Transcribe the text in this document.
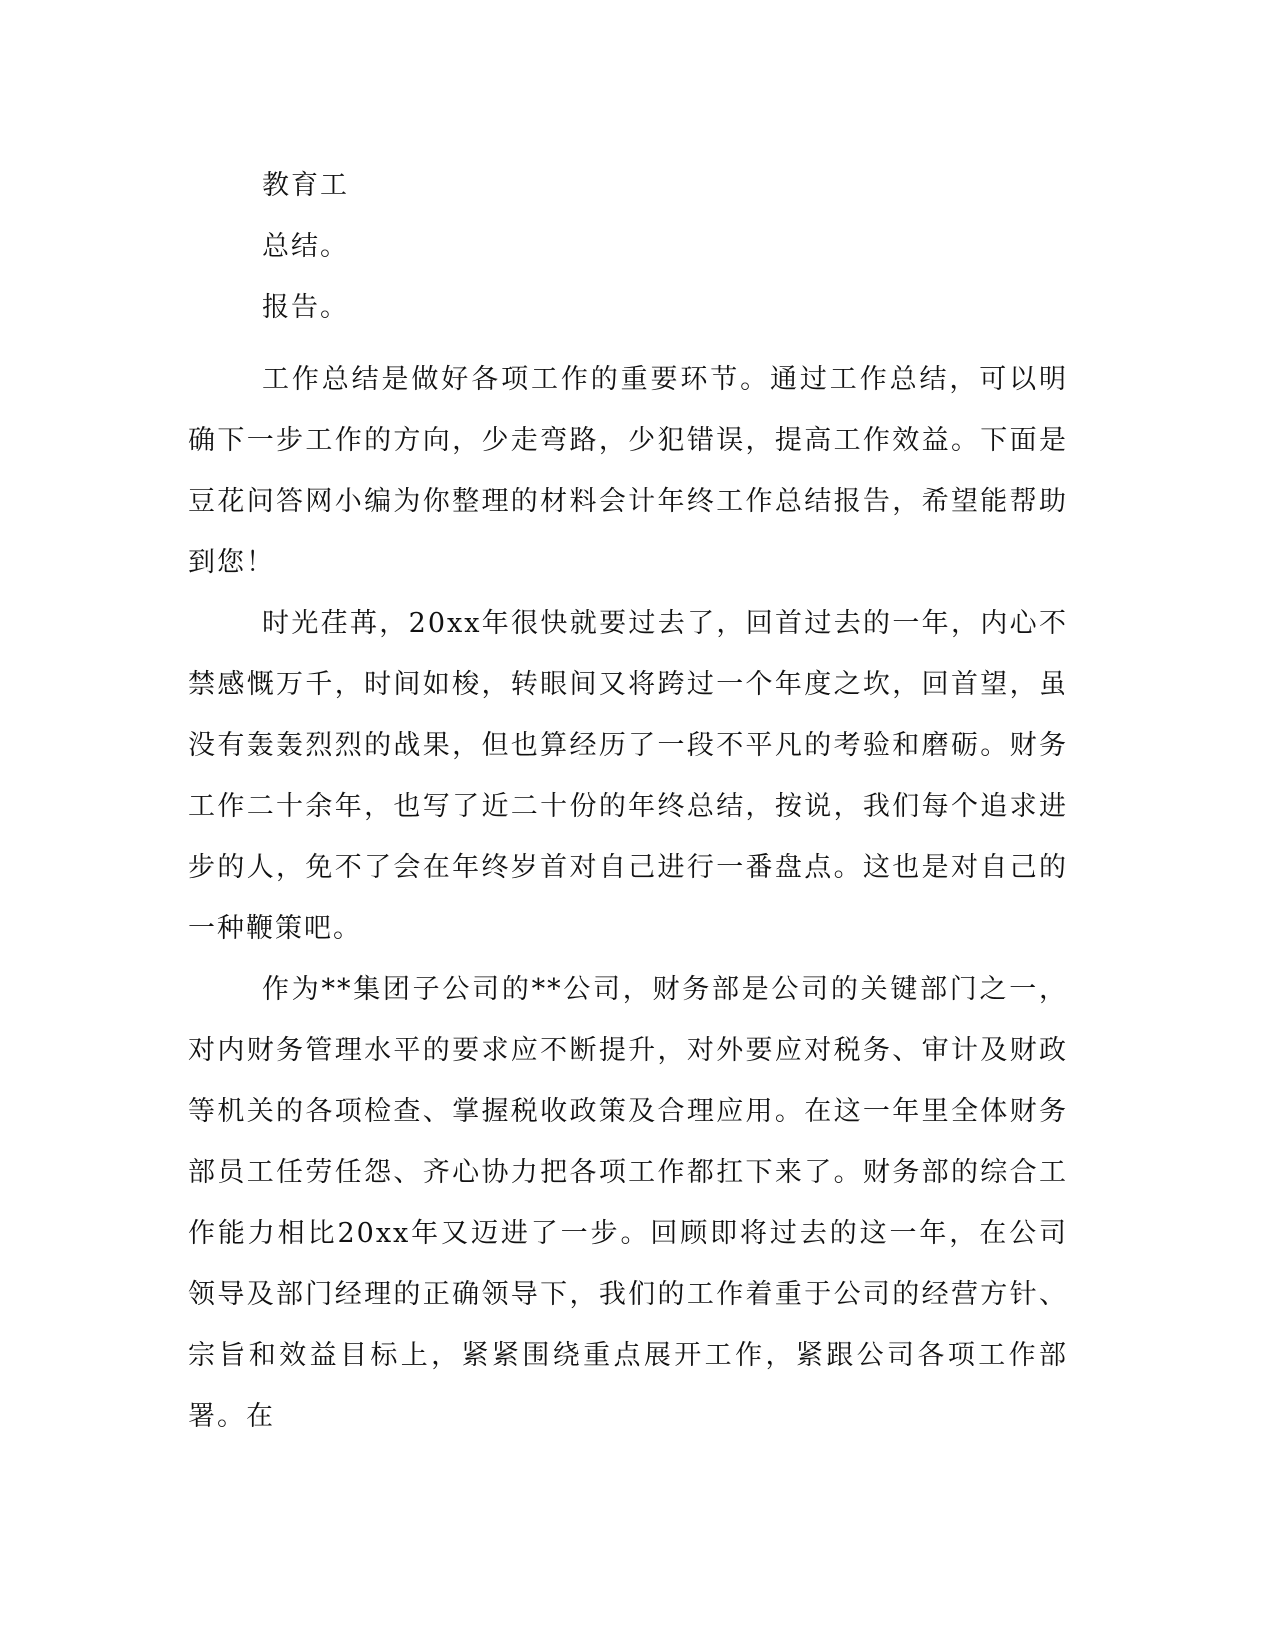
教育工

总结。

报告。

工作总结是做好各项工作的重要环节。通过工作总结，可以明确下一步工作的方向，少走弯路，少犯错误，提高工作效益。下面是豆花问答网小编为你整理的材料会计年终工作总结报告，希望能帮助到您！

时光荏苒，20xx年很快就要过去了，回首过去的一年，内心不禁感慨万千，时间如梭，转眼间又将跨过一个年度之坎，回首望，虽没有轰轰烈烈的战果，但也算经历了一段不平凡的考验和磨砺。财务工作二十余年，也写了近二十份的年终总结，按说，我们每个追求进步的人，免不了会在年终岁首对自己进行一番盘点。这也是对自己的一种鞭策吧。

作为**集团子公司的**公司，财务部是公司的关键部门之一，对内财务管理水平的要求应不断提升，对外要应对税务、审计及财政等机关的各项检查、掌握税收政策及合理应用。在这一年里全体财务部员工任劳任怨、齐心协力把各项工作都扛下来了。财务部的综合工作能力相比20xx年又迈进了一步。回顾即将过去的这一年，在公司领导及部门经理的正确领导下，我们的工作着重于公司的经营方针、宗旨和效益目标上，紧紧围绕重点展开工作，紧跟公司各项工作部署。在
